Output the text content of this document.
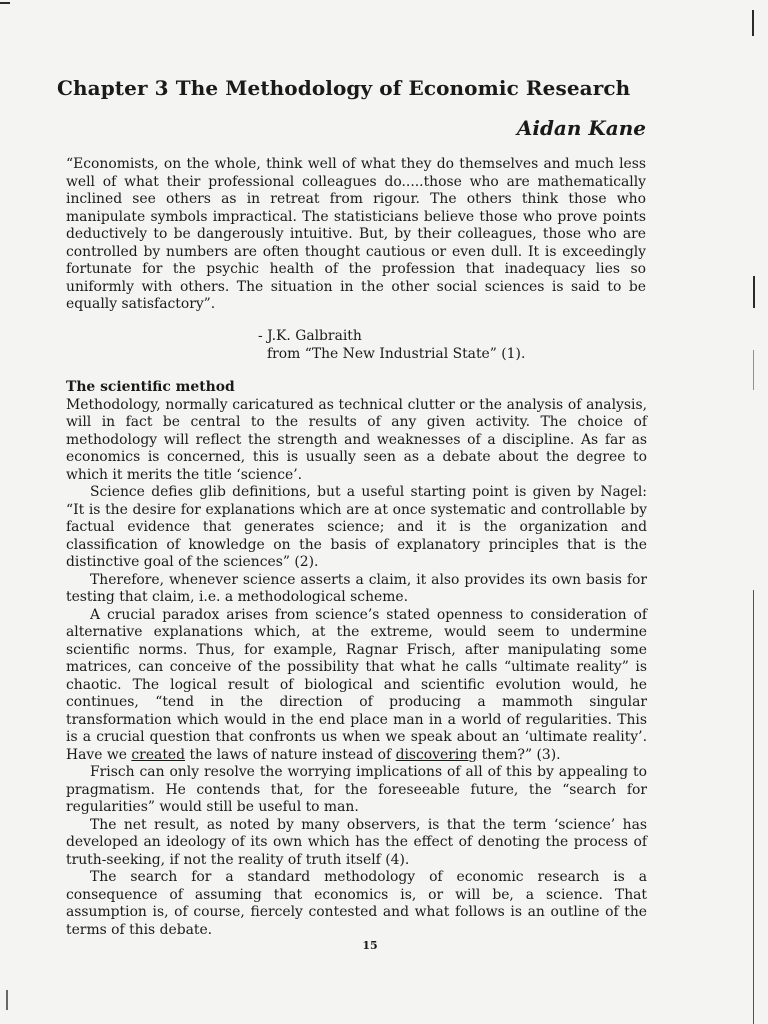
Chapter 3 The Methodology of Economic Research
Aidan Kane

“Economists, on the whole, think well of what they do themselves and much less well of what their professional colleagues do.....those who are mathematically inclined see others as in retreat from rigour. The others think those who manipulate symbols impractical. The statisticians believe those who prove points deductively to be dangerously intuitive. But, by their colleagues, those who are controlled by numbers are often thought cautious or even dull. It is exceedingly fortunate for the psychic health of the profession that inadequacy lies so uniformly with others. The situation in the other social sciences is said to be equally satisfactory”.

- J.K. Galbraith
from “The New Industrial State” (1).
The scientific method

Methodology, normally caricatured as technical clutter or the analysis of analysis, will in fact be central to the results of any given activity. The choice of methodology will reflect the strength and weaknesses of a discipline. As far as economics is concerned, this is usually seen as a debate about the degree to which it merits the title ‘science’.

Science defies glib definitions, but a useful starting point is given by Nagel: “It is the desire for explanations which are at once systematic and controllable by factual evidence that generates science; and it is the organization and classification of knowledge on the basis of explanatory principles that is the distinctive goal of the sciences” (2).

Therefore, whenever science asserts a claim, it also provides its own basis for testing that claim, i.e. a methodological scheme.

A crucial paradox arises from science’s stated openness to consideration of alternative explanations which, at the extreme, would seem to undermine scientific norms. Thus, for example, Ragnar Frisch, after manipulating some matrices, can conceive of the possibility that what he calls “ultimate reality” is chaotic. The logical result of biological and scientific evolution would, he continues, “tend in the direction of producing a mammoth singular transformation which would in the end place man in a world of regularities. This is a crucial question that confronts us when we speak about an ‘ultimate reality’. Have we created the laws of nature instead of discovering them?” (3).

Frisch can only resolve the worrying implications of all of this by appealing to pragmatism. He contends that, for the foreseeable future, the “search for regularities” would still be useful to man.

The net result, as noted by many observers, is that the term ‘science’ has developed an ideology of its own which has the effect of denoting the process of truth-seeking, if not the reality of truth itself (4).

The search for a standard methodology of economic research is a consequence of assuming that economics is, or will be, a science. That assumption is, of course, fiercely contested and what follows is an outline of the terms of this debate.

15
